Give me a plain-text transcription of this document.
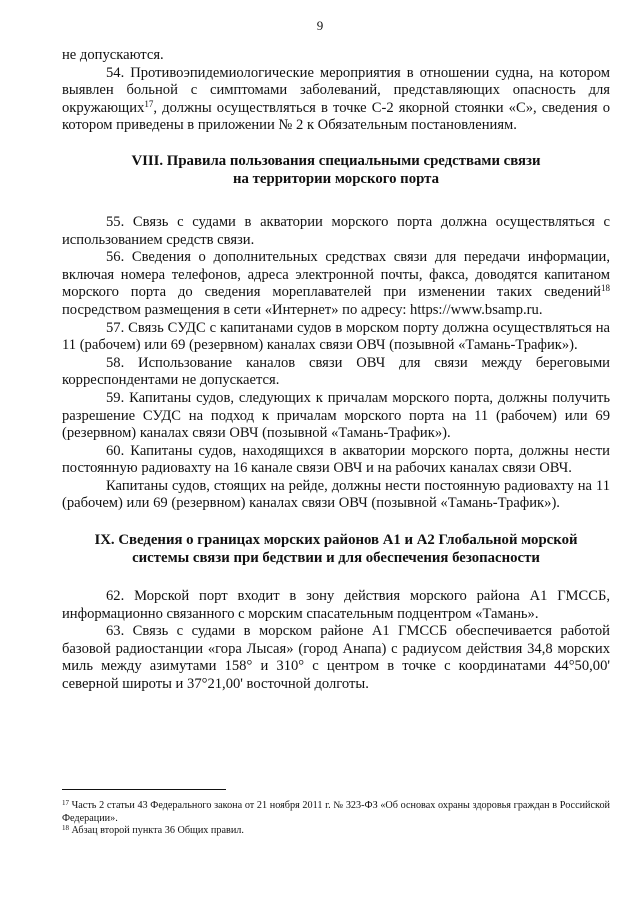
9

не допускаются.

54. Противоэпидемиологические мероприятия в отношении судна, на котором выявлен больной с симптомами заболеваний, представляющих опасность для окружающих$^{17}$, должны осуществляться в точке С-2 якорной стоянки «С», сведения о котором приведены в приложении № 2 к Обязательным постановлениям.

VIII. Правила пользования специальными средствами связи
на территории морского порта

55. Связь с судами в акватории морского порта должна осуществляться с использованием средств связи.

56. Сведения о дополнительных средствах связи для передачи информации, включая номера телефонов, адреса электронной почты, факса, доводятся капитаном морского порта до сведения мореплавателей при изменении таких сведений$^{18}$ посредством размещения в сети «Интернет» по адресу: https://www.bsamp.ru.

57. Связь СУДС с капитанами судов в морском порту должна осуществляться на 11 (рабочем) или 69 (резервном) каналах связи ОВЧ (позывной «Тамань-Трафик»).

58. Использование каналов связи ОВЧ для связи между береговыми корреспондентами не допускается.

59. Капитаны судов, следующих к причалам морского порта, должны получить разрешение СУДС на подход к причалам морского порта на 11 (рабочем) или 69 (резервном) каналах связи ОВЧ (позывной «Тамань-Трафик»).

60. Капитаны судов, находящихся в акватории морского порта, должны нести постоянную радиовахту на 16 канале связи ОВЧ и на рабочих каналах связи ОВЧ.

Капитаны судов, стоящих на рейде, должны нести постоянную радиовахту на 11 (рабочем) или 69 (резервном) каналах связи ОВЧ (позывной «Тамань-Трафик»).

IX. Сведения о границах морских районов А1 и А2 Глобальной морской
системы связи при бедствии и для обеспечения безопасности

62. Морской порт входит в зону действия морского района А1 ГМССБ, информационно связанного с морским спасательным подцентром «Тамань».

63. Связь с судами в морском районе А1 ГМССБ обеспечивается работой базовой радиостанции «гора Лысая» (город Анапа) с радиусом действия 34,8 морских миль между азимутами 158° и 310° с центром в точке с координатами 44°50,00' северной широты и 37°21,00' восточной долготы.

$^{17}$ Часть 2 статьи 43 Федерального закона от 21 ноября 2011 г. № 323-ФЗ «Об основах охраны здоровья граждан в Российской Федерации».

$^{18}$ Абзац второй пункта 36 Общих правил.
